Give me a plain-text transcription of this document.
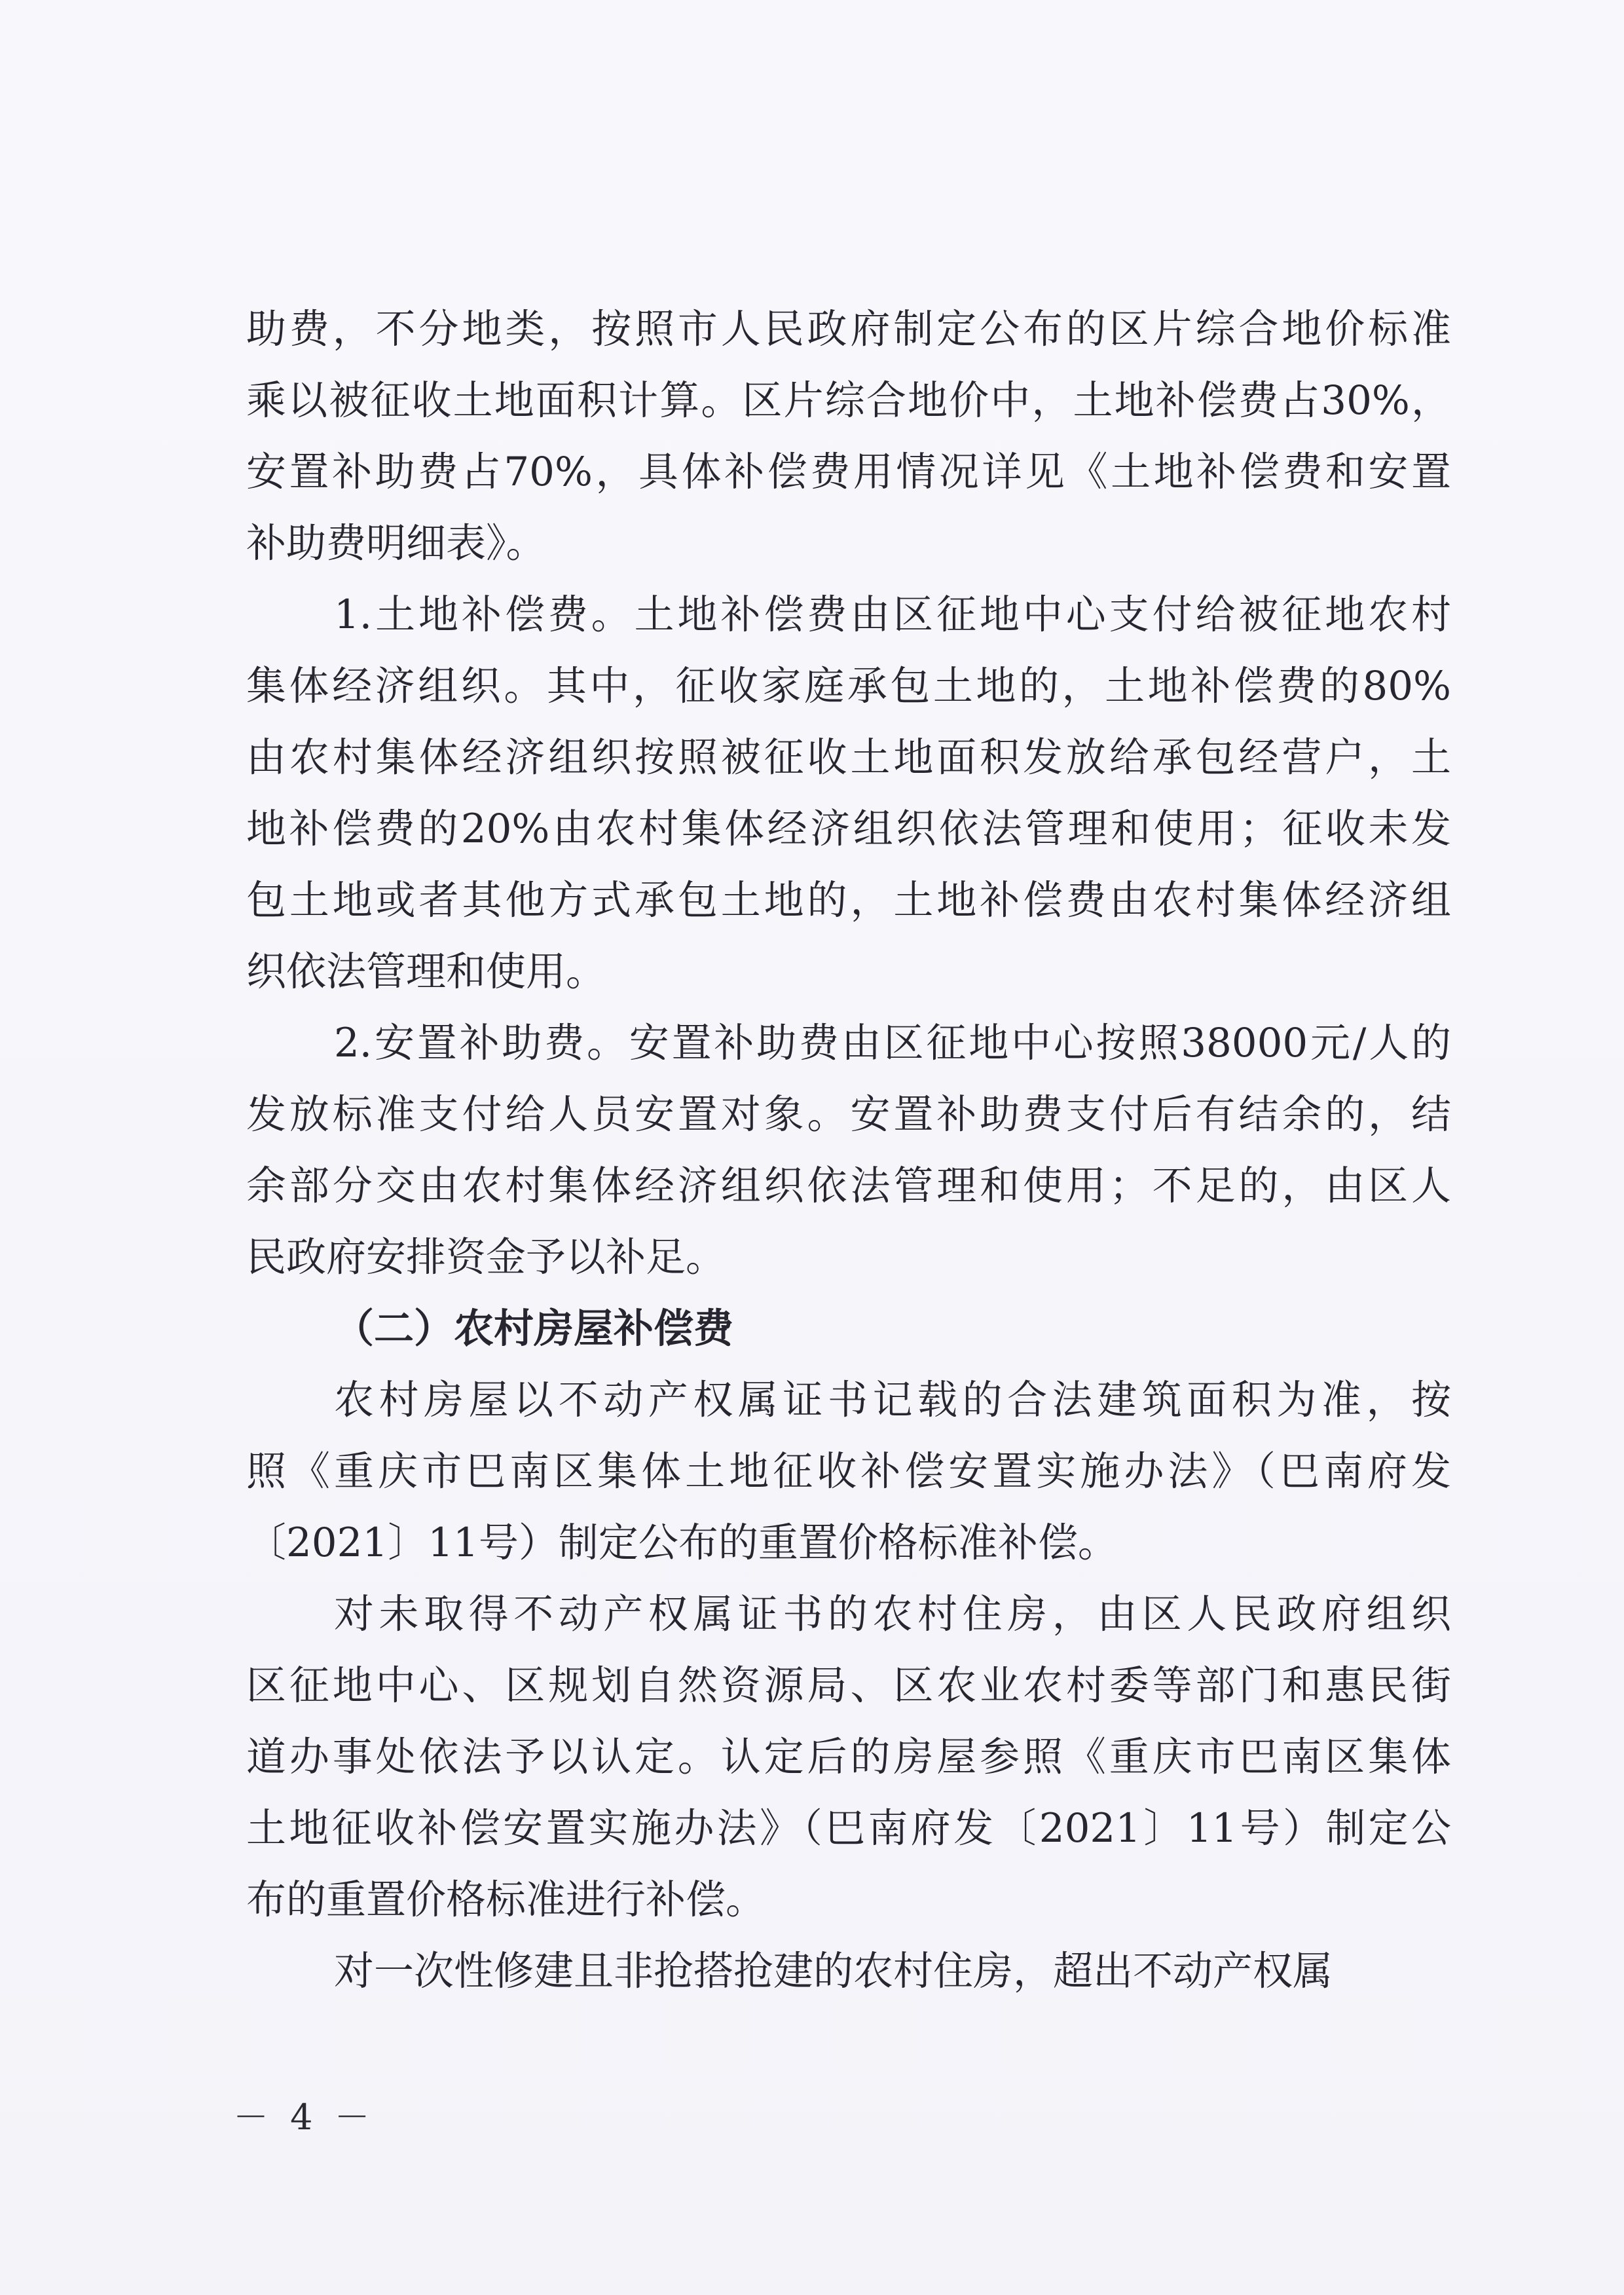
助费，不分地类，按照市人民政府制定公布的区片综合地价标准
乘以被征收土地面积计算。区片综合地价中，土地补偿费占30%，
安置补助费占70%，具体补偿费用情况详见《土地补偿费和安置
补助费明细表》。
1.土地补偿费。土地补偿费由区征地中心支付给被征地农村
集体经济组织。其中，征收家庭承包土地的，土地补偿费的80%
由农村集体经济组织按照被征收土地面积发放给承包经营户，土
地补偿费的20%由农村集体经济组织依法管理和使用；征收未发
包土地或者其他方式承包土地的，土地补偿费由农村集体经济组
织依法管理和使用。
2.安置补助费。安置补助费由区征地中心按照38000元/人的
发放标准支付给人员安置对象。安置补助费支付后有结余的，结
余部分交由农村集体经济组织依法管理和使用；不足的，由区人
民政府安排资金予以补足。
（二）农村房屋补偿费
农村房屋以不动产权属证书记载的合法建筑面积为准，按
照《重庆市巴南区集体土地征收补偿安置实施办法》（巴南府发
〔2021〕11号）制定公布的重置价格标准补偿。
对未取得不动产权属证书的农村住房，由区人民政府组织
区征地中心、区规划自然资源局、区农业农村委等部门和惠民街
道办事处依法予以认定。认定后的房屋参照《重庆市巴南区集体
土地征收补偿安置实施办法》（巴南府发〔2021〕11号）制定公
布的重置价格标准进行补偿。
对一次性修建且非抢搭抢建的农村住房，超出不动产权属
－ 4 －
